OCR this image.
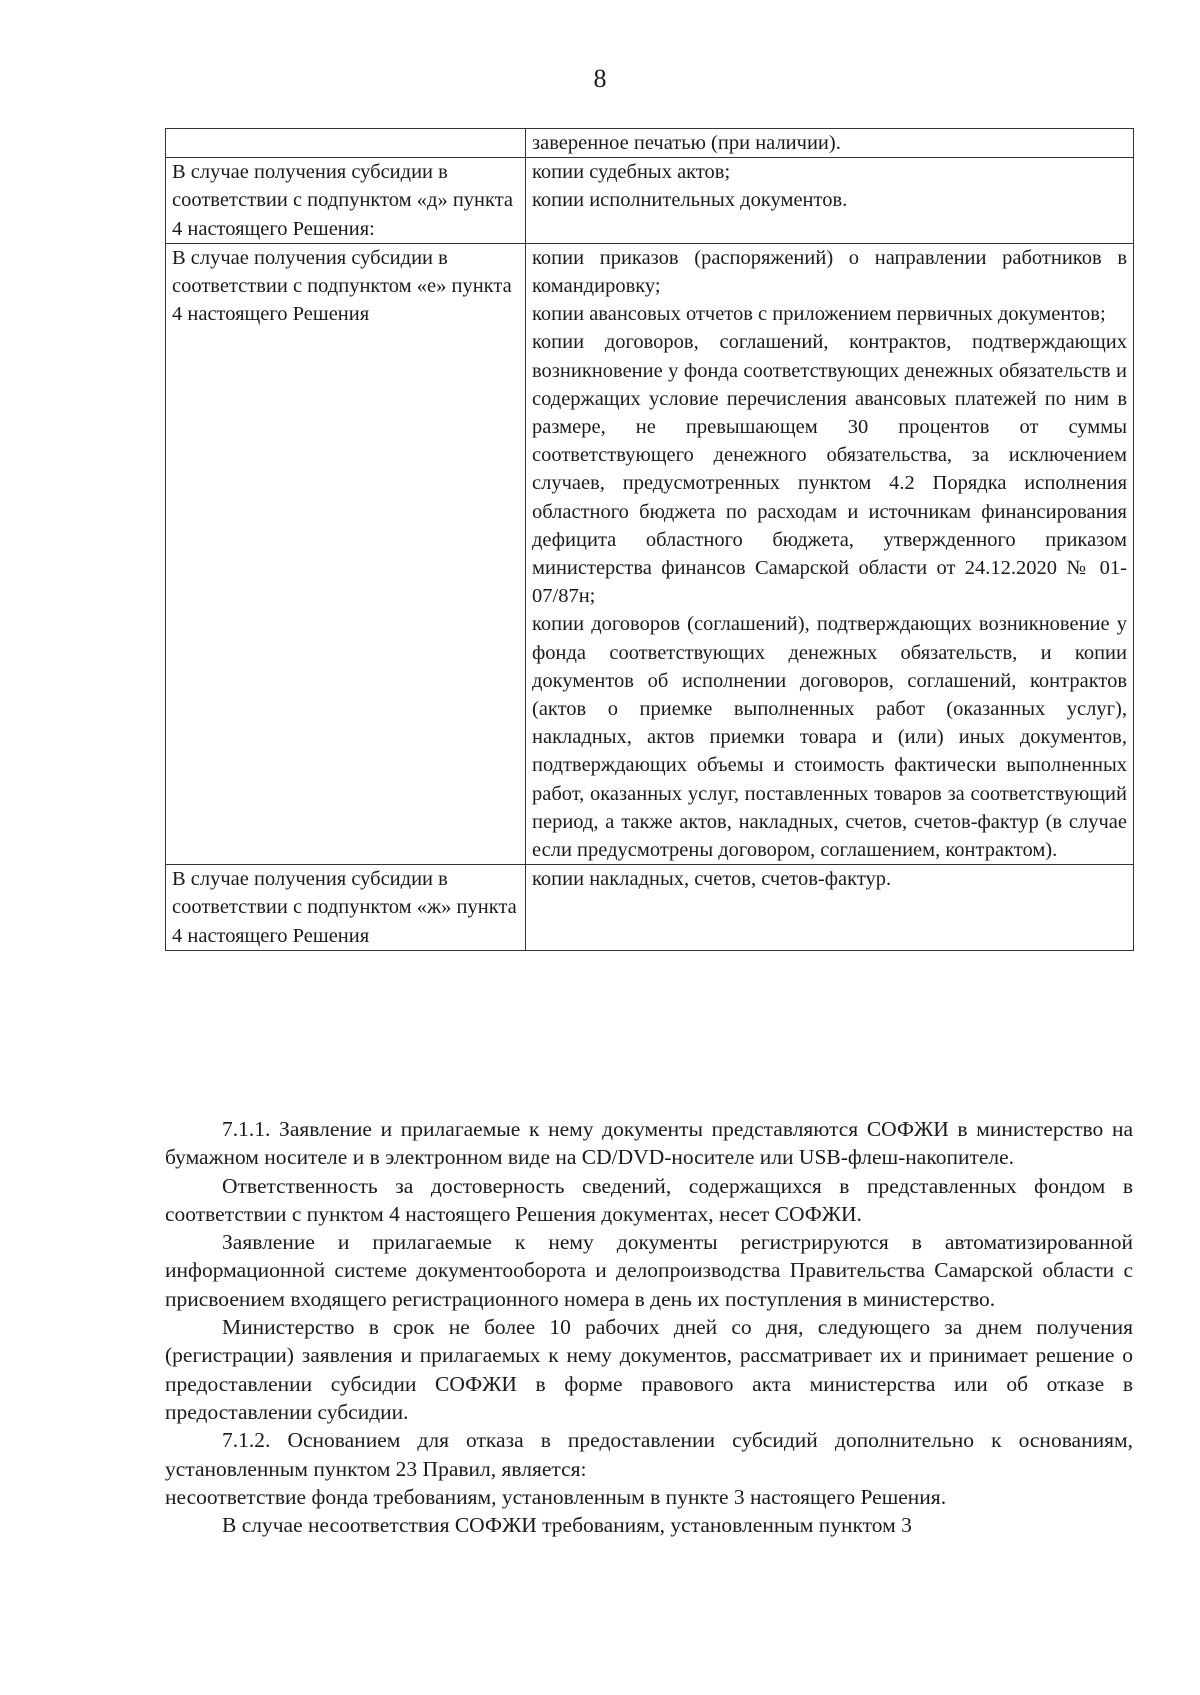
8

	заверенное печатью (при наличии).

В случае получения субсидии в соответствии с подпунктом «д» пункта 4 настоящего Решения:	копии судебных актов;

копии исполнительных документов.

В случае получения субсидии в соответствии с подпунктом «е» пункта 4 настоящего Решения	копии приказов (распоряжений) о направлении работников в командировку;

копии авансовых отчетов с приложением первичных документов;

копии договоров, соглашений, контрактов, подтверждающих возникновение у фонда соответствующих денежных обязательств и содержащих условие перечисления авансовых платежей по ним в размере, не превышающем 30 процентов от суммы соответствующего денежного обязательства, за исключением случаев, предусмотренных пунктом 4.2 Порядка исполнения областного бюджета по расходам и источникам финансирования дефицита областного бюджета, утвержденного приказом министерства финансов Самарской области от 24.12.2020 № 01-07/87н;

копии договоров (соглашений), подтверждающих возникновение у фонда соответствующих денежных обязательств, и копии документов об исполнении договоров, соглашений, контрактов (актов о приемке выполненных работ (оказанных услуг), накладных, актов приемки товара и (или) иных документов, подтверждающих объемы и стоимость фактически выполненных работ, оказанных услуг, поставленных товаров за соответствующий период, а также актов, накладных, счетов, счетов-фактур (в случае если предусмотрены договором, соглашением, контрактом).

В случае получения субсидии в соответствии с подпунктом «ж» пункта 4 настоящего Решения	копии накладных, счетов, счетов-фактур.

7.1.1. Заявление и прилагаемые к нему документы представляются СОФЖИ в министерство на бумажном носителе и в электронном виде на CD/DVD-носителе или USB-флеш-накопителе.

Ответственность за достоверность сведений, содержащихся в представленных фондом в соответствии с пунктом 4 настоящего Решения документах, несет СОФЖИ.

Заявление и прилагаемые к нему документы регистрируются в автоматизированной информационной системе документооборота и делопроизводства Правительства Самарской области с присвоением входящего регистрационного номера в день их поступления в министерство.

Министерство в срок не более 10 рабочих дней со дня, следующего за днем получения (регистрации) заявления и прилагаемых к нему документов, рассматривает их и принимает решение о предоставлении субсидии СОФЖИ в форме правового акта министерства или об отказе в предоставлении субсидии.

7.1.2. Основанием для отказа в предоставлении субсидий дополнительно к основаниям, установленным пунктом 23 Правил, является:

несоответствие фонда требованиям, установленным в пункте 3 настоящего Решения.

В случае несоответствия СОФЖИ требованиям, установленным пунктом 3
